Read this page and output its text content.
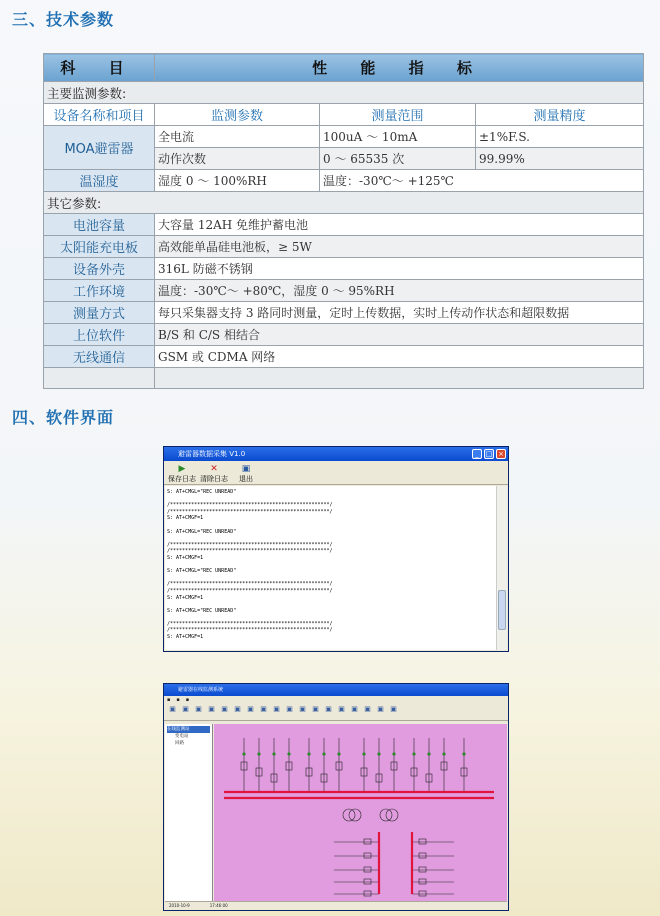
三、技术参数
四、软件界面
科 目	性 能 指 标		
主要监测参数:			
设备名称和项目	监测参数	测量范围	测量精度
MOA避雷器	全电流	100uA ～ 10mA	±1%F.S.
	动作次数	0 ～ 65535 次	99.99%
温湿度	湿度 0 ～ 100%RH	温度：-30℃～ +125℃	
其它参数:			
电池容量	大容量 12AH 免维护蓄电池		
太阳能充电板	高效能单晶硅电池板，≥ 5W		
设备外壳	316L 防磁不锈钢		
工作环境	温度：-30℃～ +80℃，湿度 0 ～ 95%RH		
测量方式	每只采集器支持 3 路同时测量，定时上传数据，实时上传动作状态和超限数据		
上位软件	B/S 和 C/S 相结合		
无线通信	GSM 或 CDMA 网络		

避雷器数据采集 V1.0	_ □ ×
▶
保存日志
✕
清除日志
▣
退出
S: AT+CMGL="REC UNREAD"

/*****************************************************/
/*****************************************************/
S: AT+CMGF=1

S: AT+CMGL="REC UNREAD"

/*****************************************************/
/*****************************************************/
S: AT+CMGF=1

S: AT+CMGL="REC UNREAD"

/*****************************************************/
/*****************************************************/
S: AT+CMGF=1

S: AT+CMGL="REC UNREAD"

/*****************************************************/
/*****************************************************/
S: AT+CMGF=1
避雷器在线监测系统
▪ ▪ ▪
▣ ▣ ▣ ▣ ▣ ▣ ▣ ▣ ▣ ▣ ▣ ▣ ▣ ▣ ▣ ▣ ▣ ▣
在线监测站
变电站
回路
2010-10-9	17:46:00
